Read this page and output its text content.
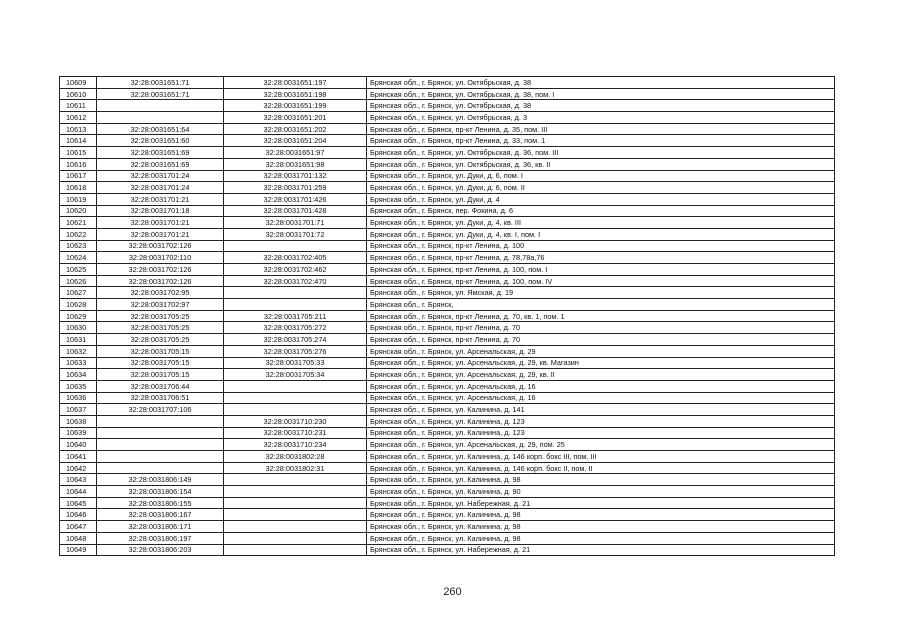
10609	32:28:0031651:71	32:28:0031651:197	Брянская обл., г. Брянск, ул. Октябрьская, д. 38
10610	32:28:0031651:71	32:28:0031651:198	Брянская обл., г. Брянск, ул. Октябрьская, д. 38, пом. I
10611		32:28:0031651:199	Брянская обл., г. Брянск, ул. Октябрьская, д. 38
10612		32:28:0031651:201	Брянская обл., г. Брянск, ул. Октябрьская, д. 3
10613	32:28:0031651:64	32:28:0031651:202	Брянская обл., г. Брянск, пр-кт Ленина, д. 35, пом. III
10614	32:28:0031651:60	32:28:0031651:204	Брянская обл., г. Брянск, пр-кт Ленина, д. 33, пом. 1
10615	32:28:0031651:69	32:28:0031651:97	Брянская обл., г. Брянск, ул. Октябрьская, д. 36, пом. III
10616	32:28:0031651:69	32:28:0031651:98	Брянская обл., г. Брянск, ул. Октябрьская, д. 36, кв. II
10617	32:28:0031701:24	32:28:0031701:132	Брянская обл., г. Брянск, ул. Дуки, д. 6, пом. I
10618	32:28:0031701:24	32:28:0031701:259	Брянская обл., г. Брянск, ул. Дуки, д. 6, пом. II
10619	32:28:0031701:21	32:28:0031701:426	Брянская обл., г. Брянск, ул. Дуки, д. 4
10620	32:28:0031701:18	32:28:0031701:428	Брянская обл., г. Брянск, пер. Фокина, д. 6
10621	32:28:0031701:21	32:28:0031701:71	Брянская обл., г. Брянск, ул. Дуки, д. 4, кв. III
10622	32:28:0031701:21	32:28:0031701:72	Брянская обл., г. Брянск, ул. Дуки, д. 4, кв. I, пом. I
10623	32:28:0031702:126		Брянская обл., г. Брянск, пр-кт Ленина, д. 100
10624	32:28:0031702:110	32:28:0031702:405	Брянская обл., г. Брянск, пр-кт Ленина, д. 78,78а,76
10625	32:28:0031702:126	32:28:0031702:462	Брянская обл., г. Брянск, пр-кт Ленина, д. 100, пом. I
10626	32:28:0031702:126	32:28:0031702:470	Брянская обл., г. Брянск, пр-кт Ленина, д. 100, пом. IV
10627	32:28:0031702:95		Брянская обл., г. Брянск, ул. Ямская, д. 19
10628	32:28:0031702:97		Брянская обл., г. Брянск,
10629	32:28:0031705:25	32:28:0031705:211	Брянская обл., г. Брянск, пр-кт Ленина, д. 70, кв. 1, пом. 1
10630	32:28:0031705:25	32:28:0031705:272	Брянская обл., г. Брянск, пр-кт Ленина, д. 70
10631	32:28:0031705:25	32:28:0031705:274	Брянская обл., г. Брянск, пр-кт Ленина, д. 70
10632	32:28:0031705:15	32:28:0031705:276	Брянская обл., г. Брянск, ул. Арсенальская, д. 29
10633	32:28:0031705:15	32:28:0031705:33	Брянская обл., г. Брянск, ул. Арсенальская, д. 29, кв. Магазин
10634	32:28:0031705:15	32:28:0031705:34	Брянская обл., г. Брянск, ул. Арсенальская, д. 29, кв. II
10635	32:28:0031706:44		Брянская обл., г. Брянск, ул. Арсенальская, д. 16
10636	32:28:0031706:51		Брянская обл., г. Брянск, ул. Арсенальская, д. 16
10637	32:28:0031707:106		Брянская обл., г. Брянск, ул. Калинина, д. 141
10638		32:28:0031710:230	Брянская обл., г. Брянск, ул. Калинина, д. 123
10639		32:28:0031710:231	Брянская обл., г. Брянск, ул. Калинина, д. 123
10640		32:28:0031710:234	Брянская обл., г. Брянск, ул. Арсенальская, д. 29, пом. 25
10641		32:28:0031802:28	Брянская обл., г. Брянск, ул. Калинина, д. 146 корп. бокс III, пом. III
10642		32:28:0031802:31	Брянская обл., г. Брянск, ул. Калинина, д. 146 корп. бокс II, пом. II
10643	32:28:0031806:149		Брянская обл., г. Брянск, ул. Калинина, д. 98
10644	32:28:0031806:154		Брянская обл., г. Брянск, ул. Калинина, д. 90
10645	32:28:0031806:155		Брянская обл., г. Брянск, ул. Набережная, д. 21
10646	32:28:0031806:167		Брянская обл., г. Брянск, ул. Калинина, д. 98
10647	32:28:0031806:171		Брянская обл., г. Брянск, ул. Калинина, д. 98
10648	32:28:0031806:197		Брянская обл., г. Брянск, ул. Калинина, д. 98
10649	32:28:0031806:203		Брянская обл., г. Брянск, ул. Набережная, д. 21
260
